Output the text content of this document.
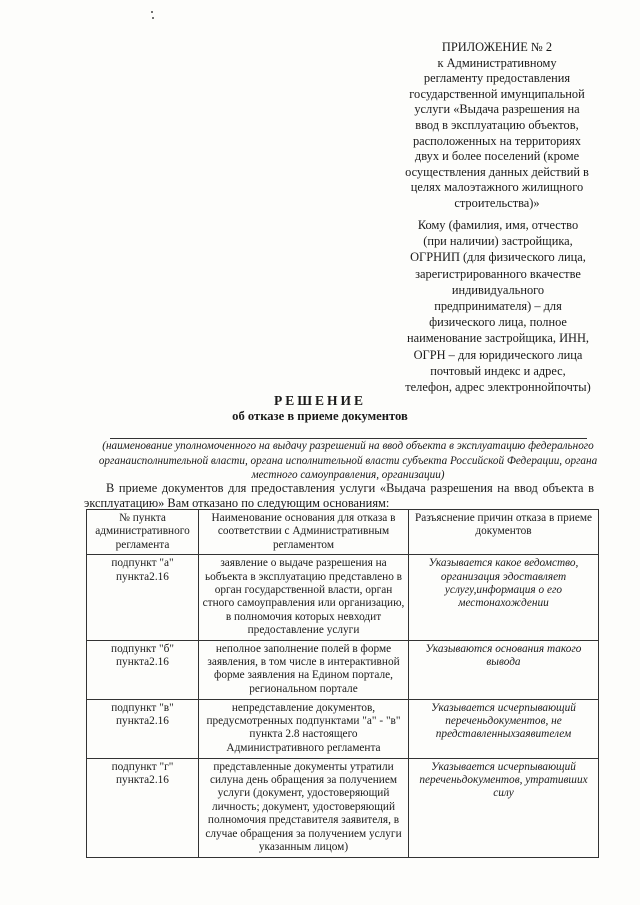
ПРИЛОЖЕНИЕ № 2
к Административному
регламенту предоставления
государственной имунципальной
услуги «Выдача разрешения на
ввод в эксплуатацию объектов,
расположенных на территориях
двух и более поселений (кроме
осуществления данных действий в
целях малоэтажного жилищного
строительства)»
Кому (фамилия, имя, отчество
(при наличии) застройщика,
ОГРНИП (для физического лица,
зарегистрированного вкачестве
индивидуального
предпринимателя) – для
физического лица, полное
наименование застройщика, ИНН,
ОГРН – для юридического лица
почтовый индекс и адрес,
телефон, адрес электроннойпочты)
РЕШЕНИЕ
об отказе в приеме документов
(наименование уполномоченного на выдачу разрешений на ввод объекта в эксплуатацию федерального органаисполнительной власти, органа исполнительной власти субъекта Российской Федерации, органа местного самоуправления, организации)
В приеме документов для предоставления услуги «Выдача разрешения на ввод объекта в эксплуатацию» Вам отказано по следующим основаниям:
№ пункта административного регламента	Наименование основания для отказа в соответствии с Административным регламентом	Разъяснение причин отказа в приеме документов
подпункт "а" пункта2.16	заявление о выдаче разрешения на ьобъекта в эксплуатацию представлено в орган государственной власти, орган стного самоуправления или организацию, в полномочия которых невходит предоставление услуги	Указывается какое ведомство, организация эдоставляет услугу,информация о его местонахождении
подпункт "б" пункта2.16	неполное заполнение полей в форме заявления, в том числе в интерактивной форме заявления на Едином портале, региональном портале	Указываются основания такого вывода
подпункт "в" пункта2.16	непредставление документов, предусмотренных подпунктами "а" - "в" пункта 2.8 настоящего Административного регламента	Указывается исчерпывающий переченьдокументов, не представленныхзаявителем
подпункт "г" пункта2.16	представленные документы утратили силуна день обращения за получением услуги (документ, удостоверяющий личность; документ, удостоверяющий полномочия представителя заявителя, в случае обращения за получением услуги указанным лицом)	Указывается исчерпывающий переченьдокументов, утративших силу
